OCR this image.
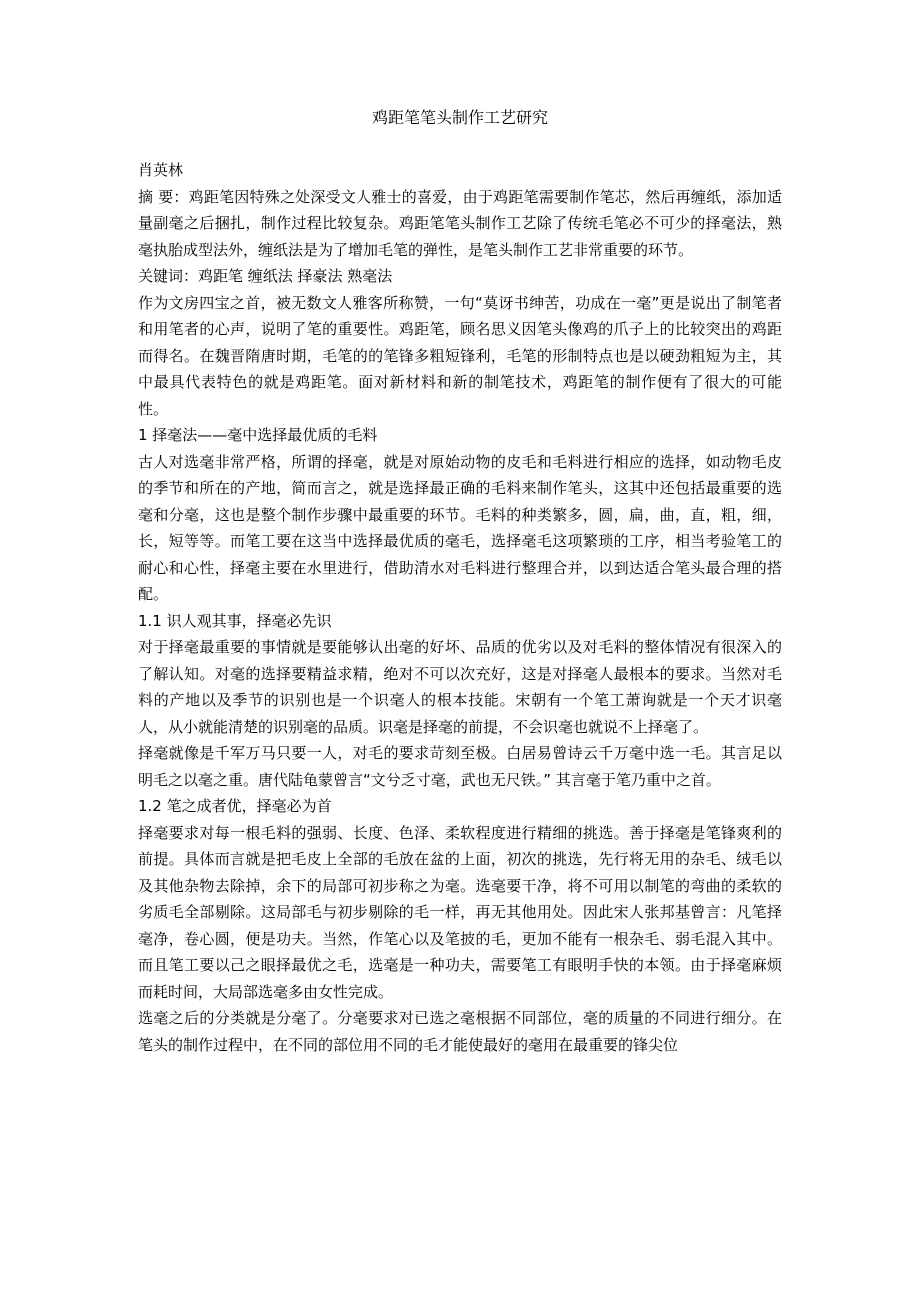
鸡距笔笔头制作工艺研究

肖英林

摘 要：鸡距笔因特殊之处深受文人雅士的喜爱，由于鸡距笔需要制作笔芯，然后再缠纸，添加适量副毫之后捆扎，制作过程比较复杂。鸡距笔笔头制作工艺除了传统毛笔必不可少的择毫法，熟毫执胎成型法外，缠纸法是为了增加毛笔的弹性，是笔头制作工艺非常重要的环节。

关键词：鸡距笔 缠纸法 择豪法 熟毫法

作为文房四宝之首，被无数文人雅客所称赞，一句“莫讶书绅苦，功成在一毫”更是说出了制笔者和用笔者的心声，说明了笔的重要性。鸡距笔，顾名思义因笔头像鸡的爪子上的比较突出的鸡距而得名。在魏晋隋唐时期，毛笔的的笔锋多粗短锋利，毛笔的形制特点也是以硬劲粗短为主，其中最具代表特色的就是鸡距笔。面对新材料和新的制笔技术，鸡距笔的制作便有了很大的可能性。

1 择毫法——毫中选择最优质的毛料

古人对选毫非常严格，所谓的择毫，就是对原始动物的皮毛和毛料进行相应的选择，如动物毛皮的季节和所在的产地，简而言之，就是选择最正确的毛料来制作笔头，这其中还包括最重要的选毫和分毫，这也是整个制作步骤中最重要的环节。毛料的种类繁多，圆，扁，曲，直，粗，细，长，短等等。而笔工要在这当中选择最优质的毫毛，选择毫毛这项繁琐的工序，相当考验笔工的耐心和心性，择毫主要在水里进行，借助清水对毛料进行整理合并，以到达适合笔头最合理的搭配。

1.1 识人观其事，择毫必先识

对于择毫最重要的事情就是要能够认出毫的好坏、品质的优劣以及对毛料的整体情况有很深入的了解认知。对毫的选择要精益求精，绝对不可以次充好，这是对择毫人最根本的要求。当然对毛料的产地以及季节的识别也是一个识毫人的根本技能。宋朝有一个笔工萧询就是一个天才识毫人，从小就能清楚的识别毫的品质。识毫是择毫的前提，不会识毫也就说不上择毫了。

择毫就像是千军万马只要一人，对毛的要求苛刻至极。白居易曾诗云千万毫中选一毛。其言足以明毛之以毫之重。唐代陆龟蒙曾言“文兮乏寸毫，武也无尺铁。” 其言毫于笔乃重中之首。

1.2 笔之成者优，择毫必为首

择毫要求对每一根毛料的强弱、长度、色泽、柔软程度进行精细的挑选。善于择毫是笔锋爽利的前提。具体而言就是把毛皮上全部的毛放在盆的上面，初次的挑选，先行将无用的杂毛、绒毛以及其他杂物去除掉，余下的局部可初步称之为毫。选毫要干净，将不可用以制笔的弯曲的柔软的劣质毛全部剔除。这局部毛与初步剔除的毛一样，再无其他用处。因此宋人张邦基曾言：凡笔择毫净，卷心圆，便是功夫。当然，作笔心以及笔披的毛，更加不能有一根杂毛、弱毛混入其中。而且笔工要以己之眼择最优之毛，选毫是一种功夫，需要笔工有眼明手快的本领。由于择毫麻烦而耗时间，大局部选毫多由女性完成。

选毫之后的分类就是分毫了。分毫要求对已选之毫根据不同部位，毫的质量的不同进行细分。在笔头的制作过程中，在不同的部位用不同的毛才能使最好的毫用在最重要的锋尖位
